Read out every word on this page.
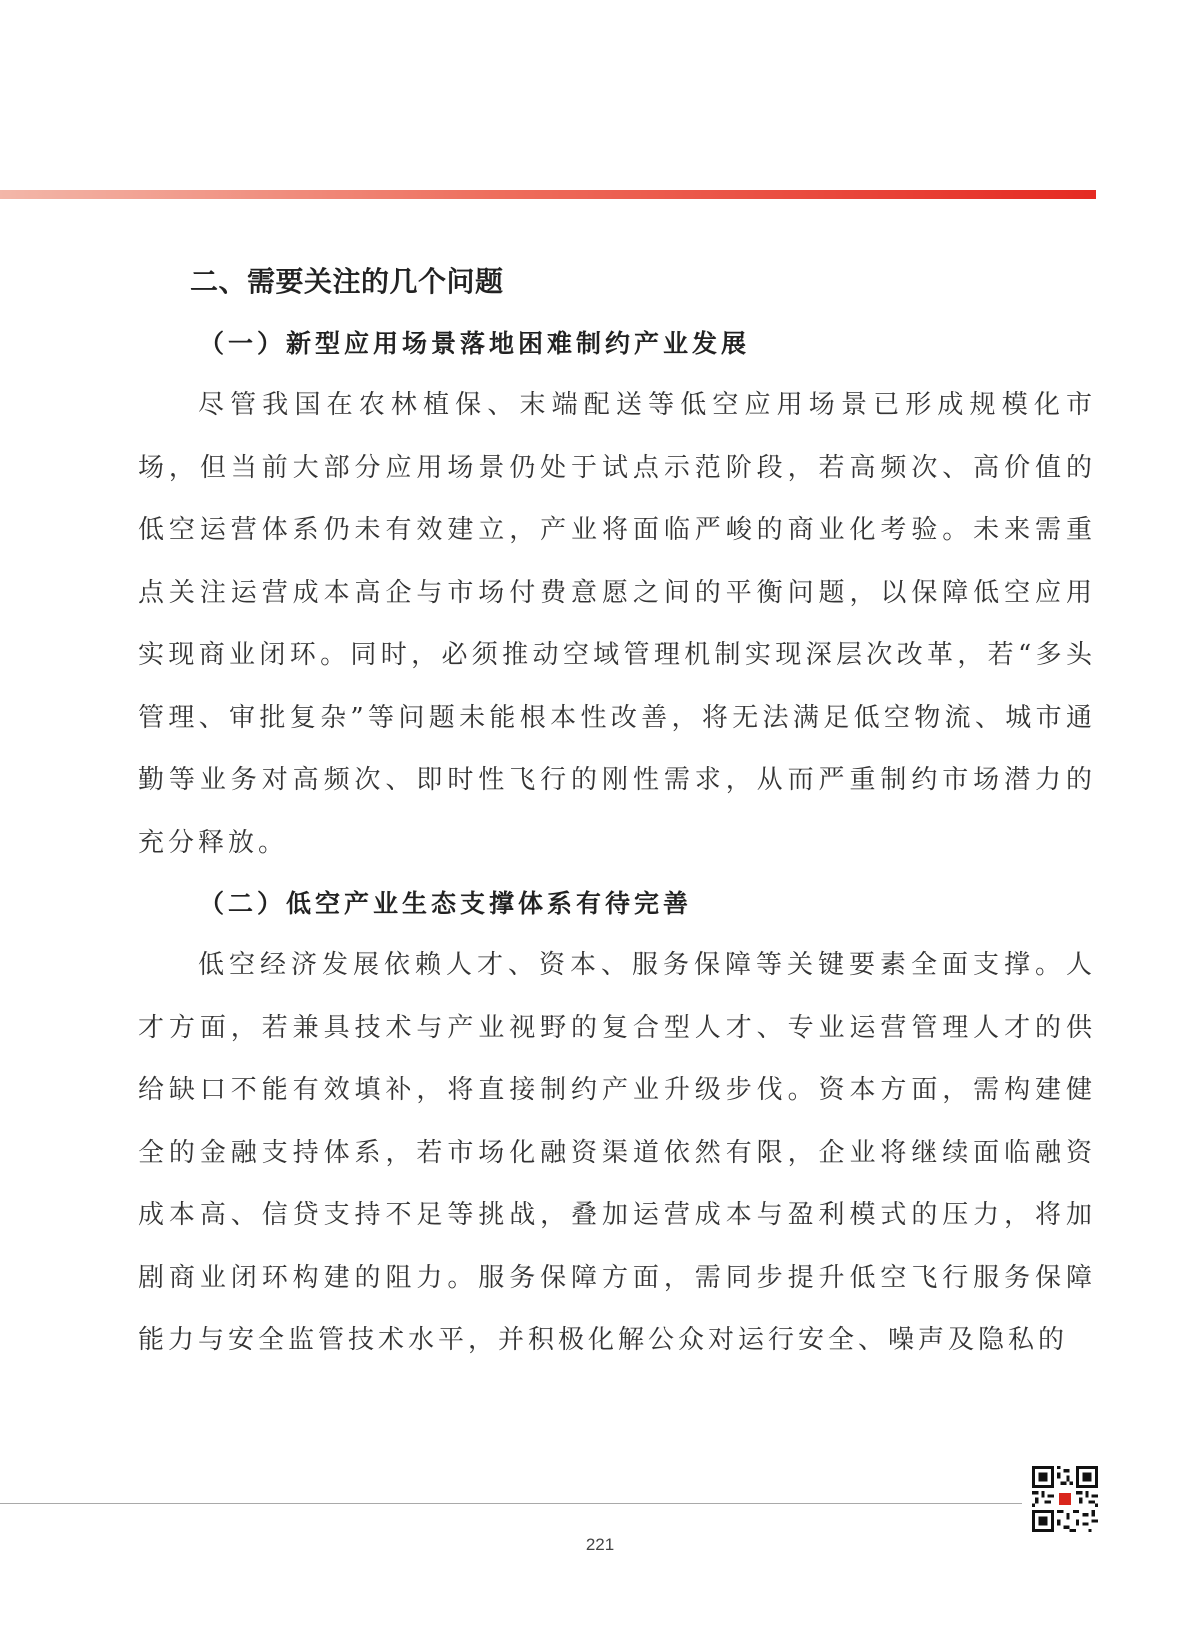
二、需要关注的几个问题
（一）新型应用场景落地困难制约产业发展

尽管我国在农林植保、末端配送等低空应用场景已形成规模化市场，但当前大部分应用场景仍处于试点示范阶段，若高频次、高价值的低空运营体系仍未有效建立，产业将面临严峻的商业化考验。未来需重点关注运营成本高企与市场付费意愿之间的平衡问题，以保障低空应用实现商业闭环。同时，必须推动空域管理机制实现深层次改革，若“多头管理、审批复杂”等问题未能根本性改善，将无法满足低空物流、城市通勤等业务对高频次、即时性飞行的刚性需求，从而严重制约市场潜力的充分释放。

（二）低空产业生态支撑体系有待完善

低空经济发展依赖人才、资本、服务保障等关键要素全面支撑。人才方面，若兼具技术与产业视野的复合型人才、专业运营管理人才的供给缺口不能有效填补，将直接制约产业升级步伐。资本方面，需构建健全的金融支持体系，若市场化融资渠道依然有限，企业将继续面临融资成本高、信贷支持不足等挑战，叠加运营成本与盈利模式的压力，将加剧商业闭环构建的阻力。服务保障方面，需同步提升低空飞行服务保障能力与安全监管技术水平，并积极化解公众对运行安全、噪声及隐私的

221
